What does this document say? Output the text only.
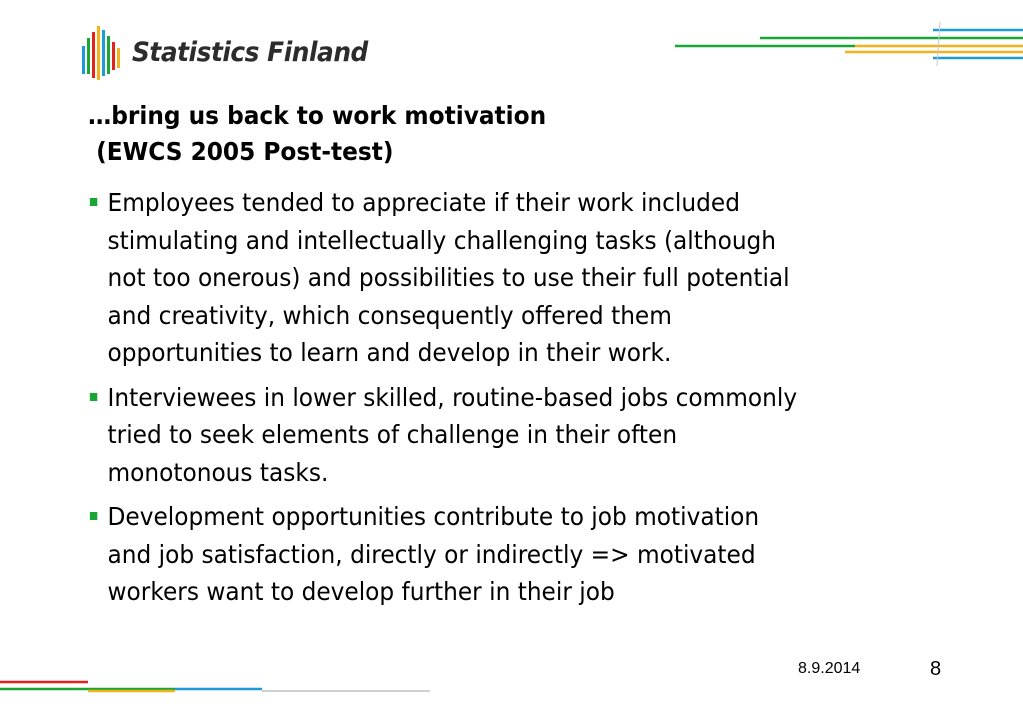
Statistics Finland
…bring us back to work motivation
(EWCS 2005 Post-test)
Employees tended to appreciate if their work included
stimulating and intellectually challenging tasks (although
not too onerous) and possibilities to use their full potential
and creativity, which consequently offered them
opportunities to learn and develop in their work.
Interviewees in lower skilled, routine-based jobs commonly
tried to seek elements of challenge in their often
monotonous tasks.
Development opportunities contribute to job motivation
and job satisfaction, directly or indirectly => motivated
workers want to develop further in their job
8.9.2014	8
